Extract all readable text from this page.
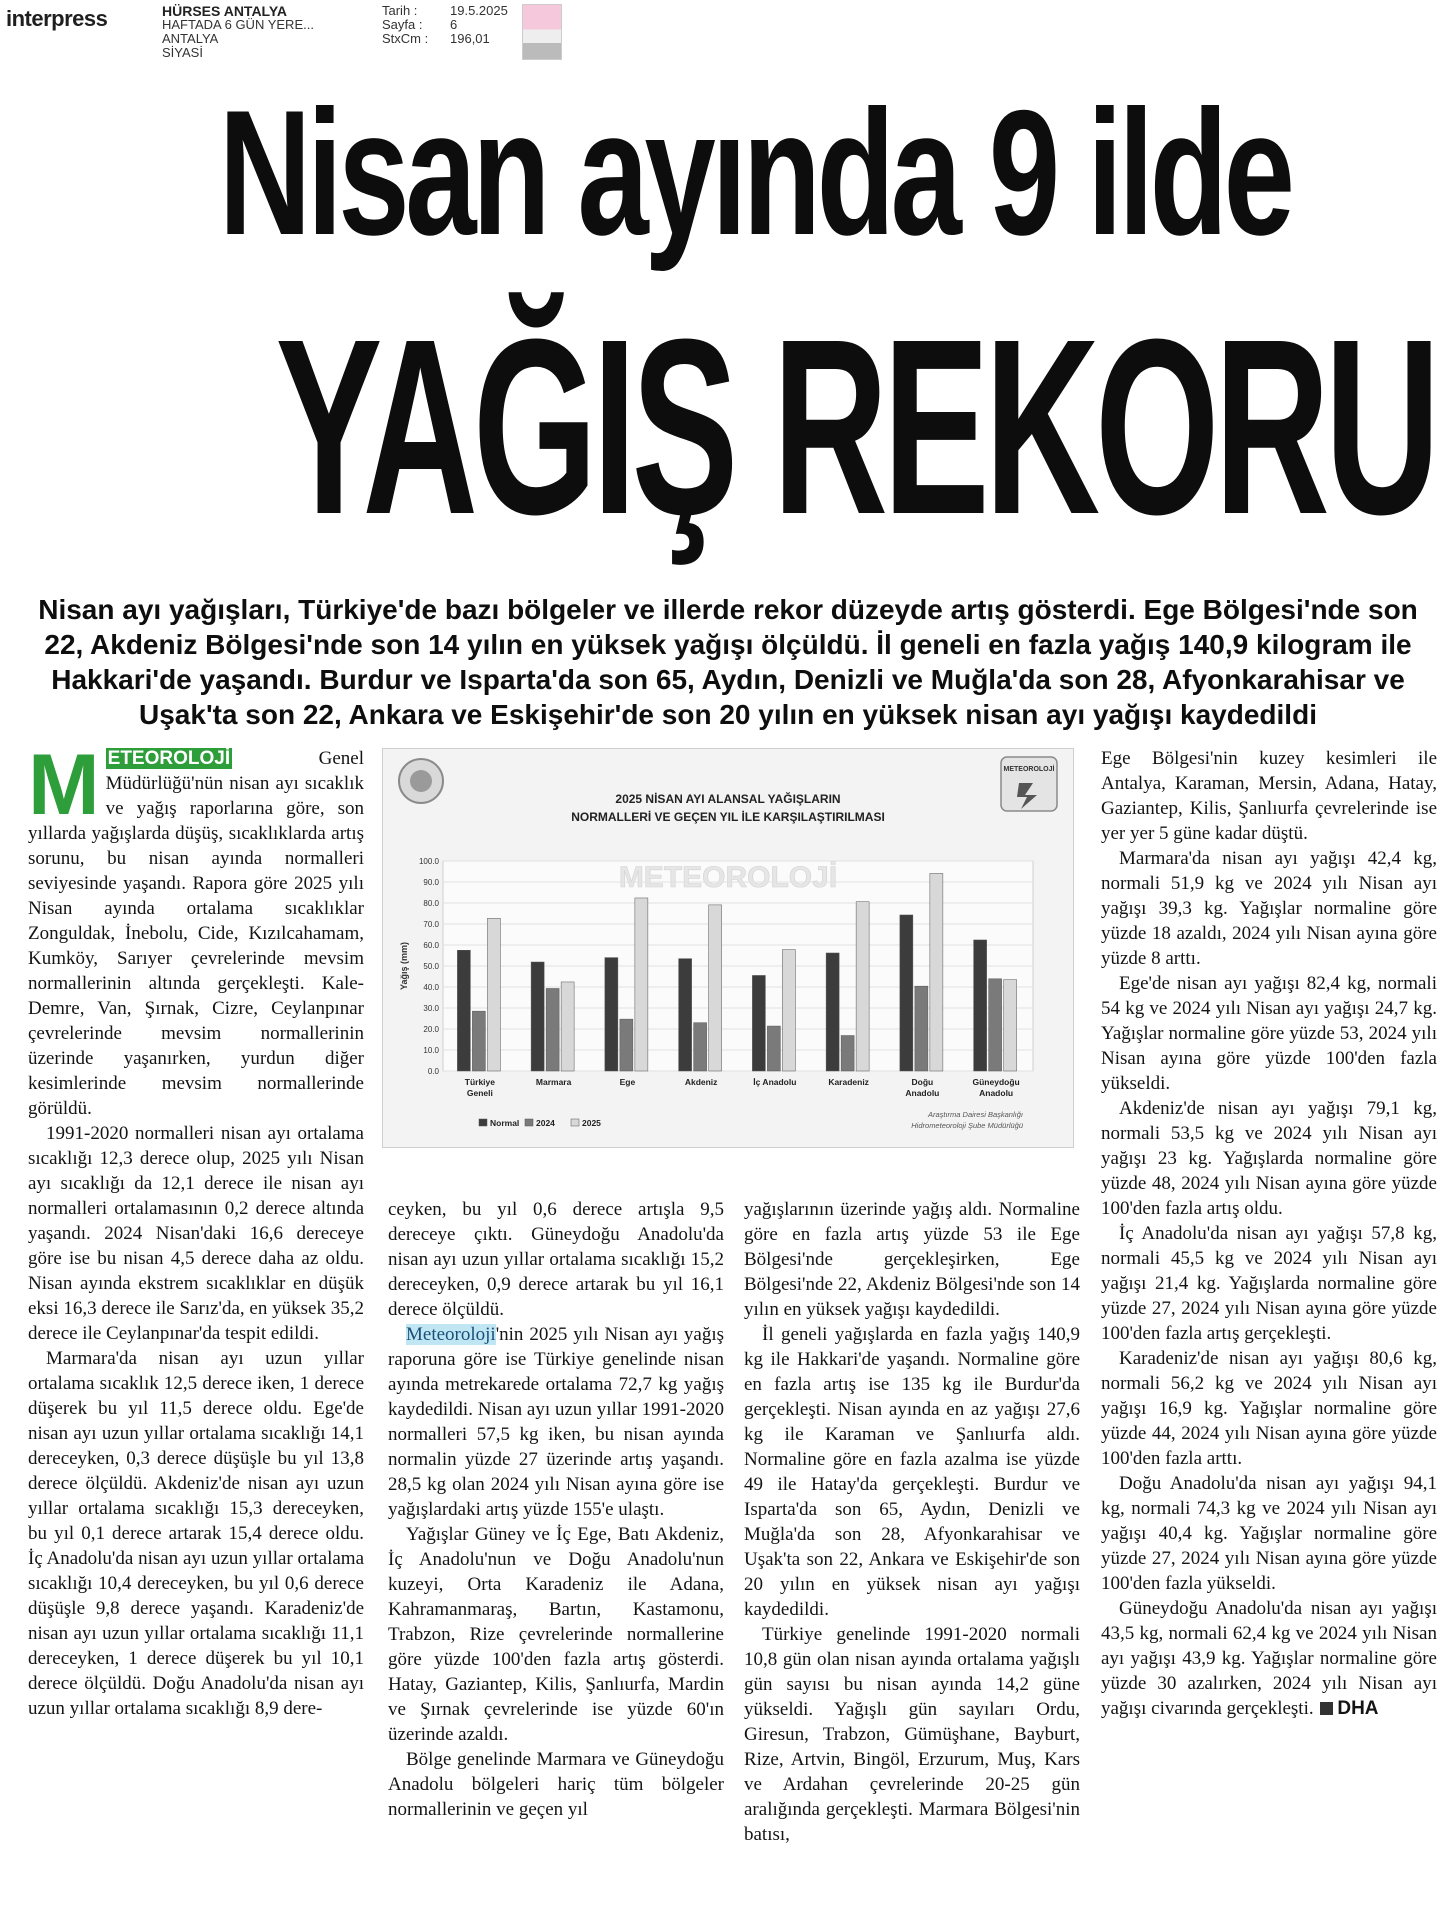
interpress	HÜRSES ANTALYA
HAFTADA 6 GÜN YERE...
ANTALYA
SİYASİ
Tarih :	19.5.2025
Sayfa :	6
StxCm :	196,01
Nisan ayında 9 ilde
YAĞIŞ REKORU
Nisan ayı yağışları, Türkiye'de bazı bölgeler ve illerde rekor düzeyde artış gösterdi. Ege Bölgesi'nde son 22, Akdeniz Bölgesi'nde son 14 yılın en yüksek yağışı ölçüldü. İl geneli en fazla yağış 140,9 kilogram ile Hakkari'de yaşandı. Burdur ve Isparta'da son 65, Aydın, Denizli ve Muğla'da son 28, Afyonkarahisar ve Uşak'ta son 22, Ankara ve Eskişehir'de son 20 yılın en yüksek nisan ayı yağışı kaydedildi
M ETEOROLOJİ Genel Müdürlüğü'nün nisan ayı sıcaklık ve yağış raporlarına göre, son yıllarda yağışlarda düşüş, sıcaklıklarda artış sorunu, bu nisan ayında normalleri seviyesinde yaşandı. Rapora göre 2025 yılı Nisan ayında ortalama sıcaklıklar Zonguldak, İnebolu, Cide, Kızılcahamam, Kumköy, Sarıyer çevrelerinde mevsim normallerinin altında gerçekleşti. Kale-Demre, Van, Şırnak, Cizre, Ceylanpınar çevrelerinde mevsim normallerinin üzerinde yaşanırken, yurdun diğer kesimlerinde mevsim normallerinde görüldü.

1991-2020 normalleri nisan ayı ortalama sıcaklığı 12,3 derece olup, 2025 yılı Nisan ayı sıcaklığı da 12,1 derece ile nisan ayı normalleri ortalamasının 0,2 derece altında yaşandı. 2024 Nisan'daki 16,6 dereceye göre ise bu nisan 4,5 derece daha az oldu. Nisan ayında ekstrem sıcaklıklar en düşük eksi 16,3 derece ile Sarız'da, en yüksek 35,2 derece ile Ceylanpınar'da tespit edildi.

Marmara'da nisan ayı uzun yıllar ortalama sıcaklık 12,5 derece iken, 1 derece düşerek bu yıl 11,5 derece oldu. Ege'de nisan ayı uzun yıllar ortalama sıcaklığı 14,1 dereceyken, 0,3 derece düşüşle bu yıl 13,8 derece ölçüldü. Akdeniz'de nisan ayı uzun yıllar ortalama sıcaklığı 15,3 dereceyken, bu yıl 0,1 derece artarak 15,4 derece oldu. İç Anadolu'da nisan ayı uzun yıllar ortalama sıcaklığı 10,4 dereceyken, bu yıl 0,6 derece düşüşle 9,8 derece yaşandı. Karadeniz'de nisan ayı uzun yıllar ortalama sıcaklığı 11,1 dereceyken, 1 derece düşerek bu yıl 10,1 derece ölçüldü. Doğu Anadolu'da nisan ayı uzun yıllar ortalama sıcaklığı 8,9 dere-

METEOROLOJİ
2025 NİSAN AYI ALANSAL YAĞIŞLARIN
NORMALLERİ VE GEÇEN YIL İLE KARŞILAŞTIRILMASI
METEOROLOJİ
0.0
10.0
20.0
30.0
40.0
50.0
60.0
70.0
80.0
90.0
100.0
Yağış (mm)
Türkiye
Geneli
Marmara	Ege	Akdeniz	İç Anadolu	Karadeniz	Doğu
Anadolu
Güneydoğu
Anadolu
Normal 2024	2025
Araştırma Dairesi Başkanlığı
Hidrometeoroloji Şube Müdürlüğü

ceyken, bu yıl 0,6 derece artışla 9,5 dereceye çıktı. Güneydoğu Anadolu'da nisan ayı uzun yıllar ortalama sıcaklığı 15,2 dereceyken, 0,9 derece artarak bu yıl 16,1 derece ölçüldü.

Meteoroloji'nin 2025 yılı Nisan ayı yağış raporuna göre ise Türkiye genelinde nisan ayında metrekarede ortalama 72,7 kg yağış kaydedildi. Nisan ayı uzun yıllar 1991-2020 normalleri 57,5 kg iken, bu nisan ayında normalin yüzde 27 üzerinde artış yaşandı. 28,5 kg olan 2024 yılı Nisan ayına göre ise yağışlardaki artış yüzde 155'e ulaştı.

Yağışlar Güney ve İç Ege, Batı Akdeniz, İç Anadolu'nun ve Doğu Anadolu'nun kuzeyi, Orta Karadeniz ile Adana, Kahramanmaraş, Bartın, Kastamonu, Trabzon, Rize çevrelerinde normallerine göre yüzde 100'den fazla artış gösterdi. Hatay, Gaziantep, Kilis, Şanlıurfa, Mardin ve Şırnak çevrelerinde ise yüzde 60'ın üzerinde azaldı.

Bölge genelinde Marmara ve Güneydoğu Anadolu bölgeleri hariç tüm bölgeler normallerinin ve geçen yıl

yağışlarının üzerinde yağış aldı. Normaline göre en fazla artış yüzde 53 ile Ege Bölgesi'nde gerçekleşirken, Ege Bölgesi'nde 22, Akdeniz Bölgesi'nde son 14 yılın en yüksek yağışı kaydedildi.

İl geneli yağışlarda en fazla yağış 140,9 kg ile Hakkari'de yaşandı. Normaline göre en fazla artış ise 135 kg ile Burdur'da gerçekleşti. Nisan ayında en az yağışı 27,6 kg ile Karaman ve Şanlıurfa aldı. Normaline göre en fazla azalma ise yüzde 49 ile Hatay'da gerçekleşti. Burdur ve Isparta'da son 65, Aydın, Denizli ve Muğla'da son 28, Afyonkarahisar ve Uşak'ta son 22, Ankara ve Eskişehir'de son 20 yılın en yüksek nisan ayı yağışı kaydedildi.

Türkiye genelinde 1991-2020 normali 10,8 gün olan nisan ayında ortalama yağışlı gün sayısı bu nisan ayında 14,2 güne yükseldi. Yağışlı gün sayıları Ordu, Giresun, Trabzon, Gümüşhane, Bayburt, Rize, Artvin, Bingöl, Erzurum, Muş, Kars ve Ardahan çevrelerinde 20-25 gün aralığında gerçekleşti. Marmara Bölgesi'nin batısı,

Ege Bölgesi'nin kuzey kesimleri ile Antalya, Karaman, Mersin, Adana, Hatay, Gaziantep, Kilis, Şanlıurfa çevrelerinde ise yer yer 5 güne kadar düştü.

Marmara'da nisan ayı yağışı 42,4 kg, normali 51,9 kg ve 2024 yılı Nisan ayı yağışı 39,3 kg. Yağışlar normaline göre yüzde 18 azaldı, 2024 yılı Nisan ayına göre yüzde 8 arttı.

Ege'de nisan ayı yağışı 82,4 kg, normali 54 kg ve 2024 yılı Nisan ayı yağışı 24,7 kg. Yağışlar normaline göre yüzde 53, 2024 yılı Nisan ayına göre yüzde 100'den fazla yükseldi.

Akdeniz'de nisan ayı yağışı 79,1 kg, normali 53,5 kg ve 2024 yılı Nisan ayı yağışı 23 kg. Yağışlarda normaline göre yüzde 48, 2024 yılı Nisan ayına göre yüzde 100'den fazla artış oldu.

İç Anadolu'da nisan ayı yağışı 57,8 kg, normali 45,5 kg ve 2024 yılı Nisan ayı yağışı 21,4 kg. Yağışlarda normaline göre yüzde 27, 2024 yılı Nisan ayına göre yüzde 100'den fazla artış gerçekleşti.

Karadeniz'de nisan ayı yağışı 80,6 kg, normali 56,2 kg ve 2024 yılı Nisan ayı yağışı 16,9 kg. Yağışlar normaline göre yüzde 44, 2024 yılı Nisan ayına göre yüzde 100'den fazla arttı.

Doğu Anadolu'da nisan ayı yağışı 94,1 kg, normali 74,3 kg ve 2024 yılı Nisan ayı yağışı 40,4 kg. Yağışlar normaline göre yüzde 27, 2024 yılı Nisan ayına göre yüzde 100'den fazla yükseldi.

Güneydoğu Anadolu'da nisan ayı yağışı 43,5 kg, normali 62,4 kg ve 2024 yılı Nisan ayı yağışı 43,9 kg. Yağışlar normaline göre yüzde 30 azalırken, 2024 yılı Nisan ayı yağışı civarında gerçekleşti. DHA
